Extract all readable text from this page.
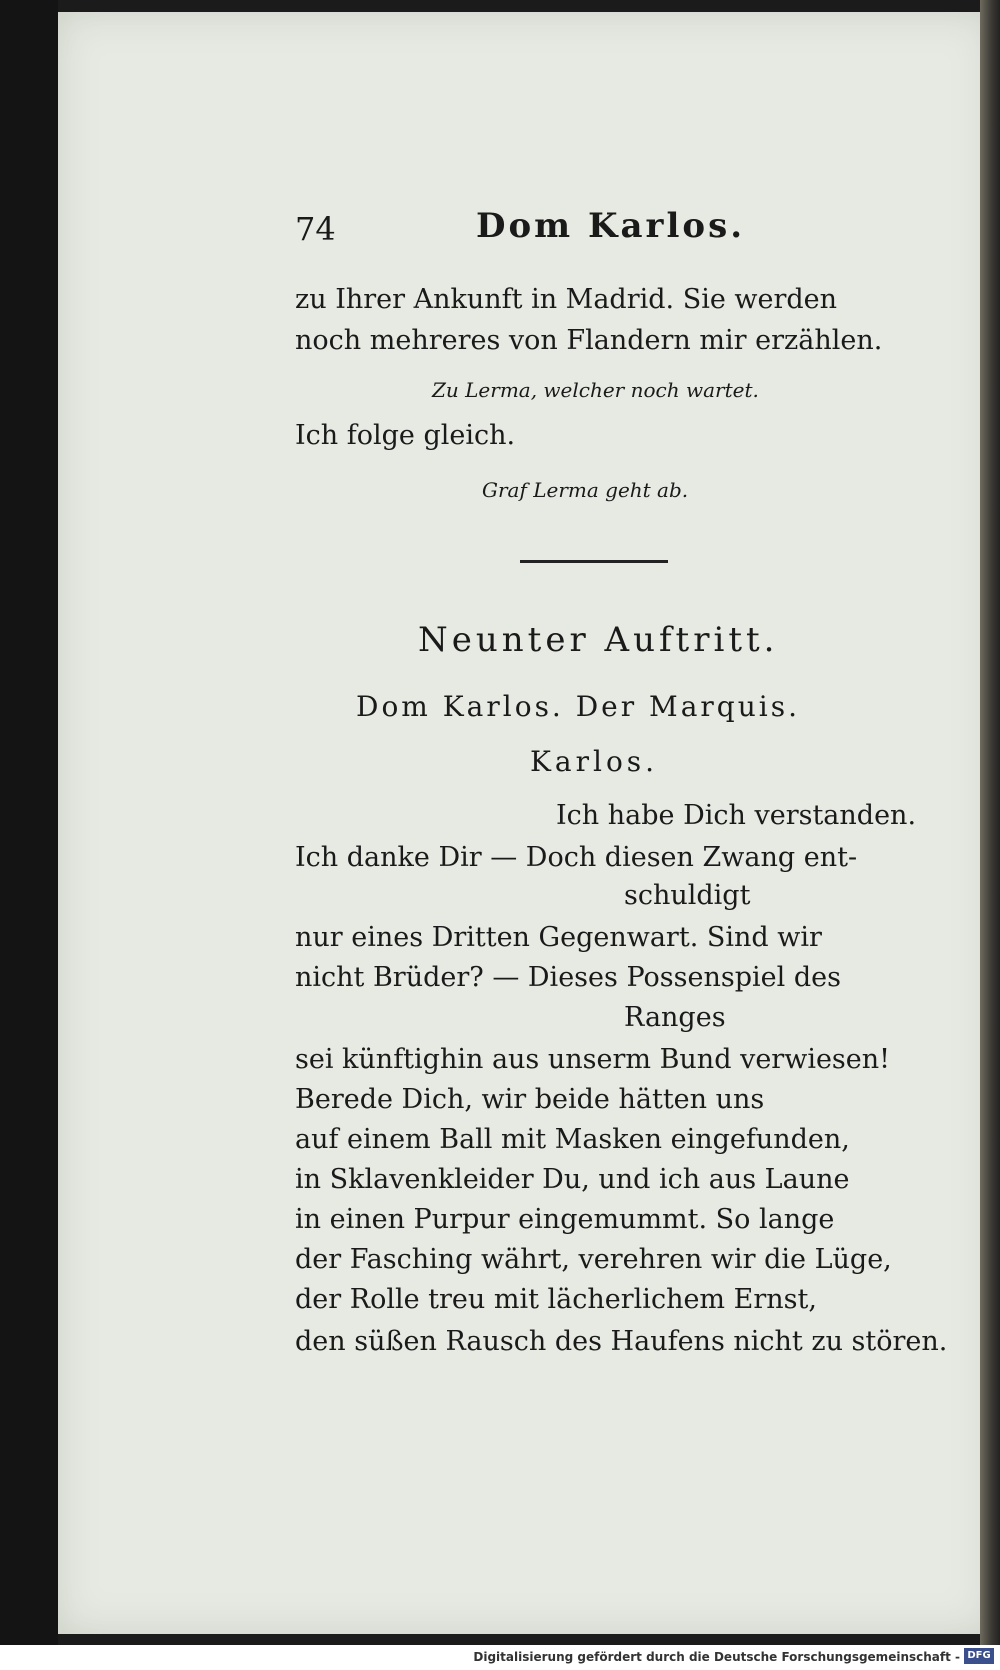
74	Dom Karlos.
zu Ihrer Ankunft in Madrid. Sie werden
noch mehreres von Flandern mir erzählen.
Zu Lerma, welcher noch wartet.
Ich folge gleich.
Graf Lerma geht ab.
Neunter Auftritt.
Dom Karlos. Der Marquis.
Karlos.
Ich habe Dich verstanden.
Ich danke Dir — Doch diesen Zwang ent-
schuldigt
nur eines Dritten Gegenwart. Sind wir
nicht Brüder? — Dieses Possenspiel des
Ranges
sei künftighin aus unserm Bund verwiesen!
Berede Dich, wir beide hätten uns
auf einem Ball mit Masken eingefunden,
in Sklavenkleider Du, und ich aus Laune
in einen Purpur eingemummt. So lange
der Fasching währt, verehren wir die Lüge,
der Rolle treu mit lächerlichem Ernst,
den süßen Rausch des Haufens nicht zu stören.
Digitalisierung gefördert durch die Deutsche Forschungsgemeinschaft - DFG
